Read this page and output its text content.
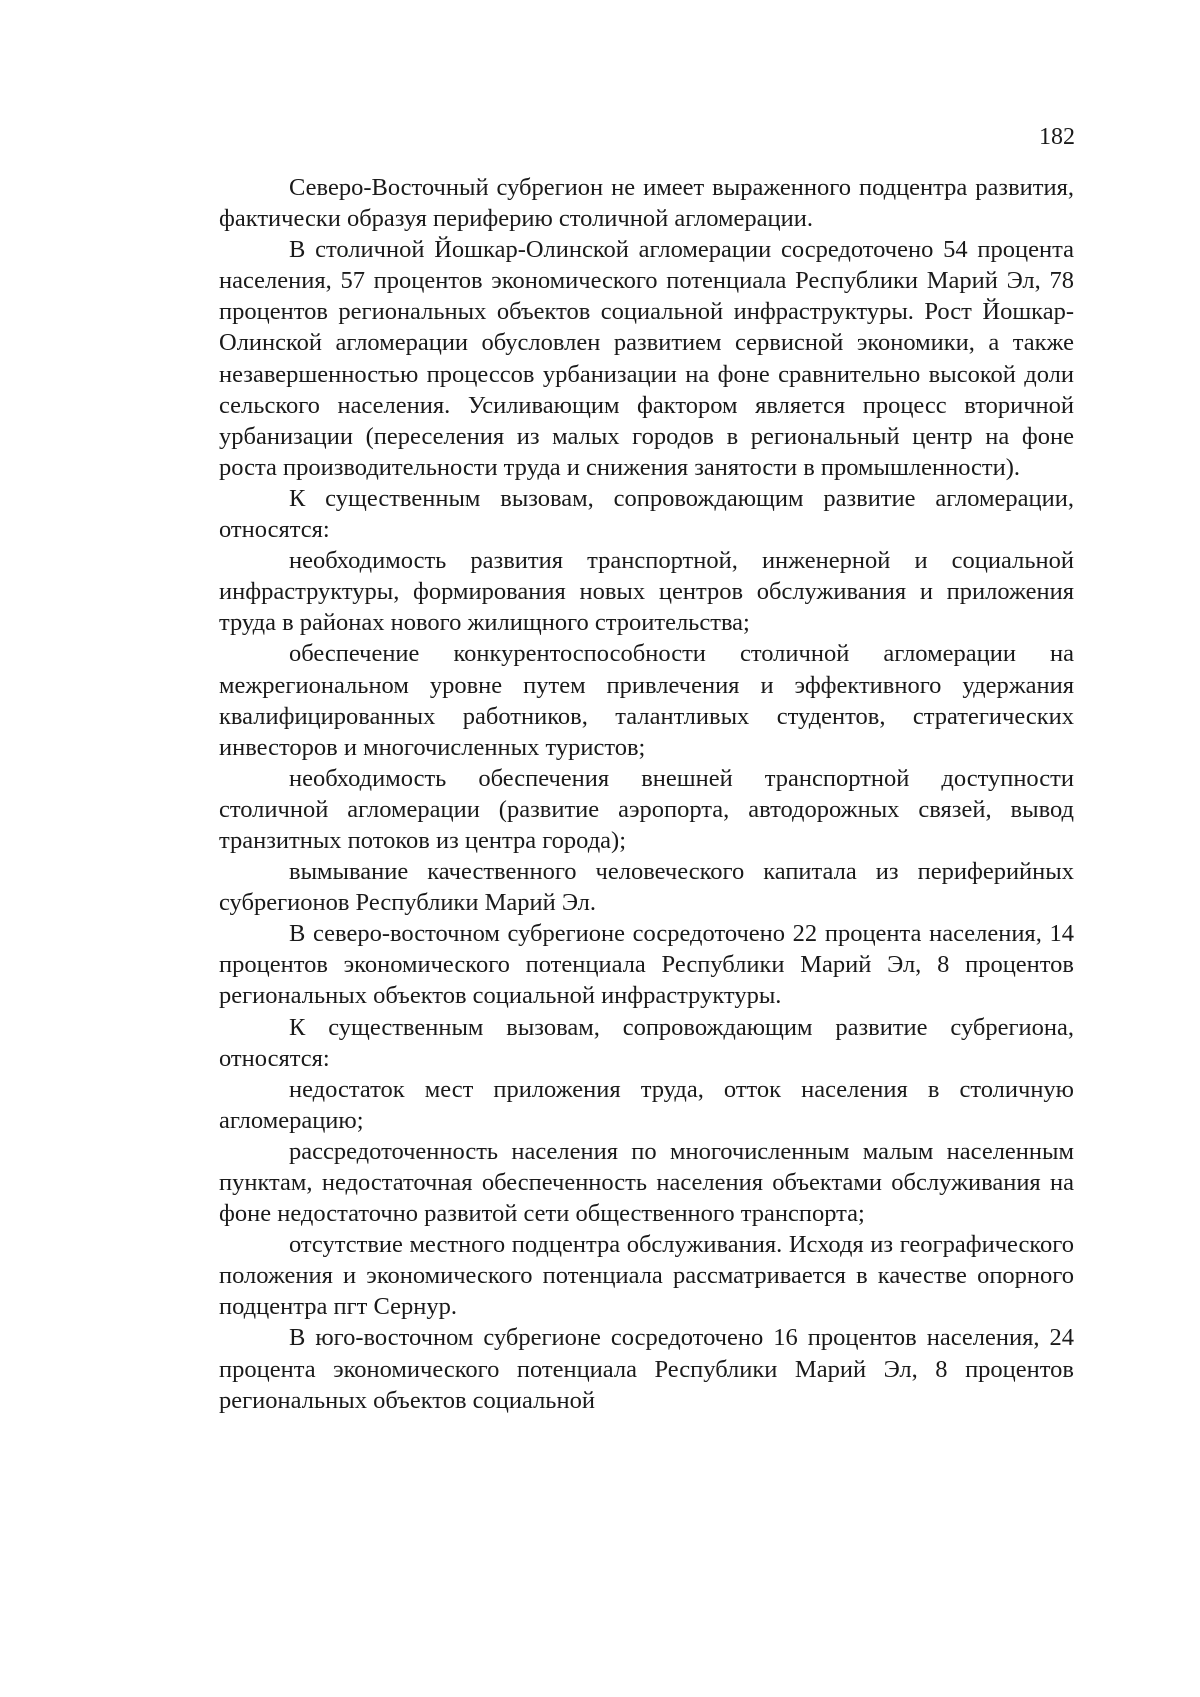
182

Северо-Восточный субрегион не имеет выраженного подцентра развития, фактически образуя периферию столичной агломерации.

В столичной Йошкар-Олинской агломерации сосредоточено 54 процента населения, 57 процентов экономического потенциала Республики Марий Эл, 78 процентов региональных объектов социальной инфраструктуры. Рост Йошкар-Олинской агломерации обусловлен развитием сервисной экономики, а также незавершенностью процессов урбанизации на фоне сравнительно высокой доли сельского населения. Усиливающим фактором является процесс вторичной урбанизации (переселения из малых городов в региональный центр на фоне роста производительности труда и снижения занятости в промышленности).

К существенным вызовам, сопровождающим развитие агломерации, относятся:

необходимость развития транспортной, инженерной и социальной инфраструктуры, формирования новых центров обслуживания и приложения труда в районах нового жилищного строительства;

обеспечение конкурентоспособности столичной агломерации на межрегиональном уровне путем привлечения и эффективного удержания квалифицированных работников, талантливых студентов, стратегических инвесторов и многочисленных туристов;

необходимость обеспечения внешней транспортной доступности столичной агломерации (развитие аэропорта, автодорожных связей, вывод транзитных потоков из центра города);

вымывание качественного человеческого капитала из периферийных субрегионов Республики Марий Эл.

В северо-восточном субрегионе сосредоточено 22 процента населения, 14 процентов экономического потенциала Республики Марий Эл, 8 процентов региональных объектов социальной инфраструктуры.

К существенным вызовам, сопровождающим развитие субрегиона, относятся:

недостаток мест приложения труда, отток населения в столичную агломерацию;

рассредоточенность населения по многочисленным малым населенным пунктам, недостаточная обеспеченность населения объектами обслуживания на фоне недостаточно развитой сети общественного транспорта;

отсутствие местного подцентра обслуживания. Исходя из географического положения и экономического потенциала рассматривается в качестве опорного подцентра пгт Сернур.

В юго-восточном субрегионе сосредоточено 16 процентов населения, 24 процента экономического потенциала Республики Марий Эл, 8 процентов региональных объектов социальной
